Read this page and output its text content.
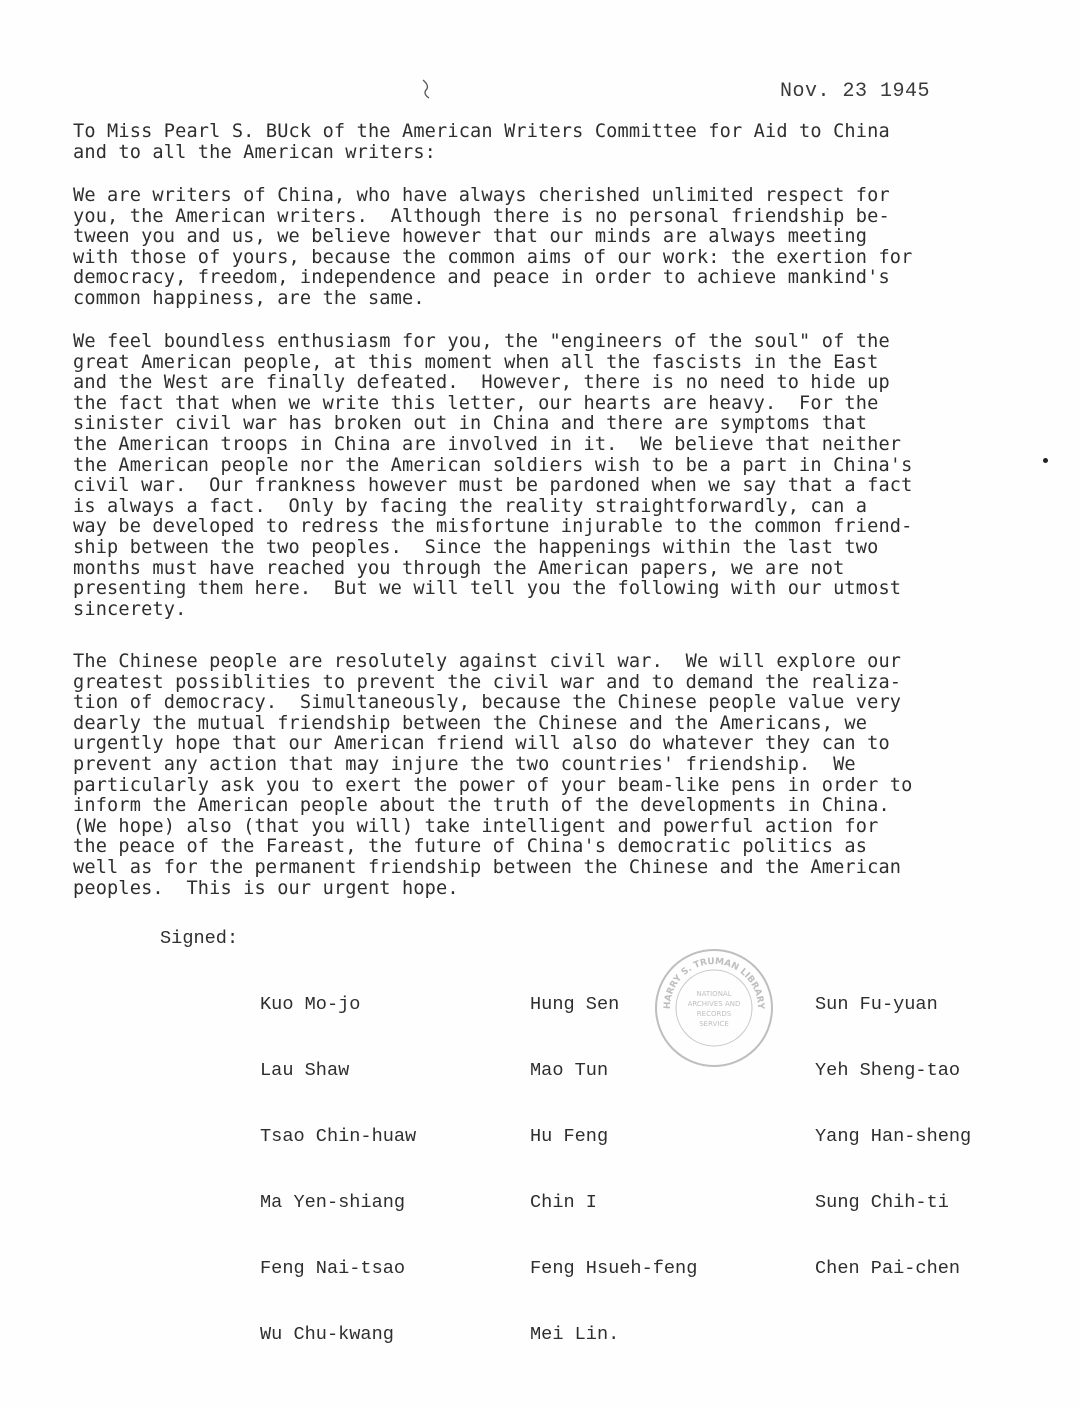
Nov. 23 1945
To Miss Pearl S. BUck of the American Writers Committee for Aid to China
and to all the American writers:
We are writers of China, who have always cherished unlimited respect for
you, the American writers.  Although there is no personal friendship be-
tween you and us, we believe however that our minds are always meeting
with those of yours, because the common aims of our work: the exertion for
democracy, freedom, independence and peace in order to achieve mankind's
common happiness, are the same.
We feel boundless enthusiasm for you, the "engineers of the soul" of the
great American people, at this moment when all the fascists in the East
and the West are finally defeated.  However, there is no need to hide up
the fact that when we write this letter, our hearts are heavy.  For the
sinister civil war has broken out in China and there are symptoms that
the American troops in China are involved in it.  We believe that neither
the American people nor the American soldiers wish to be a part in China's
civil war.  Our frankness however must be pardoned when we say that a fact
is always a fact.  Only by facing the reality straightforwardly, can a
way be developed to redress the misfortune injurable to the common friend-
ship between the two peoples.  Since the happenings within the last two
months must have reached you through the American papers, we are not
presenting them here.  But we will tell you the following with our utmost
sincerety.
The Chinese people are resolutely against civil war.  We will explore our
greatest possiblities to prevent the civil war and to demand the realiza-
tion of democracy.  Simultaneously, because the Chinese people value very
dearly the mutual friendship between the Chinese and the Americans, we
urgently hope that our American friend will also do whatever they can to
prevent any action that may injure the two countries' friendship.  We
particularly ask you to exert the power of your beam-like pens in order to
inform the American people about the truth of the developments in China.
(We hope) also (that you will) take intelligent and powerful action for
the peace of the Fareast, the future of China's democratic politics as
well as for the permanent friendship between the Chinese and the American
peoples.  This is our urgent hope.
Signed:

Kuo Mo-jo

Lau Shaw

Tsao Chin-huaw

Ma Yen-shiang

Feng Nai-tsao

Wu Chu-kwang

Hung Sen

Mao Tun

Hu Feng

Chin I

Feng Hsueh-feng

Mei Lin.

Sun Fu-yuan

Yeh Sheng-tao

Yang Han-sheng

Sung Chih-ti

Chen Pai-chen

HARRY S. TRUMAN LIBRARY
NATIONAL
ARCHIVES AND
RECORDS
SERVICE
